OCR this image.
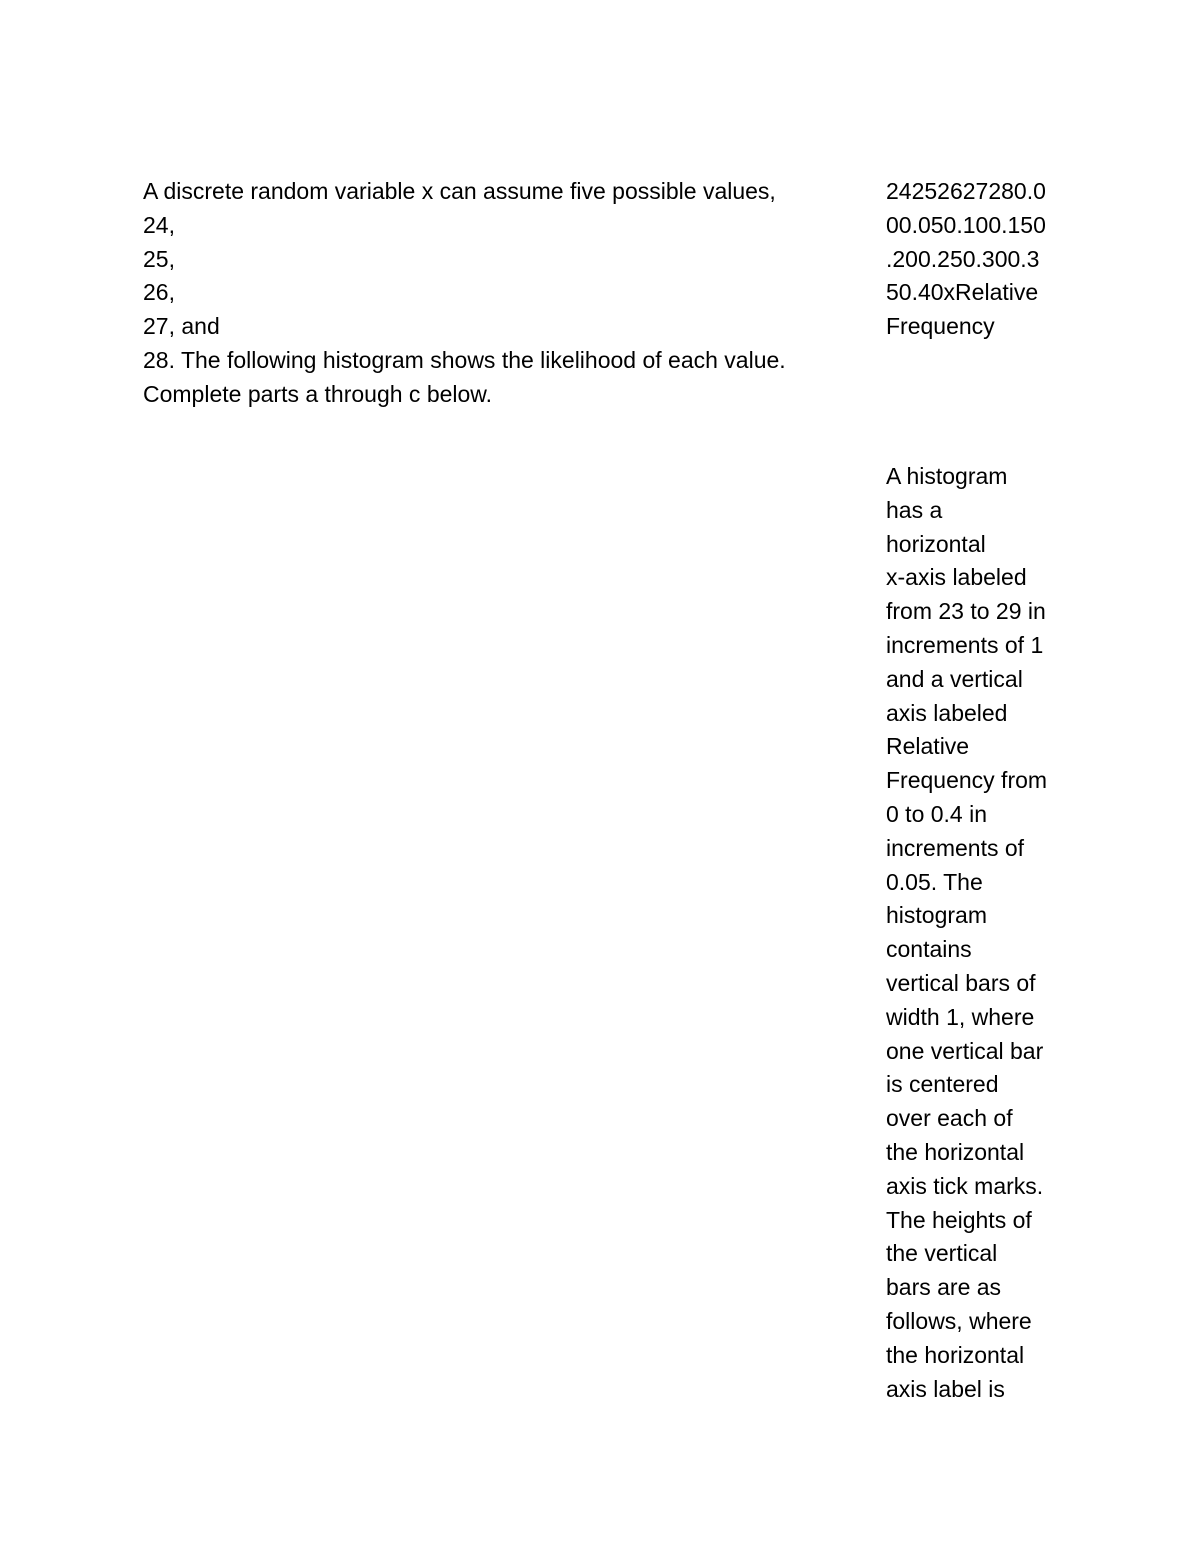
A discrete random variable x can assume five possible values,
24,
25,
26,
27, and
28. The following histogram shows the likelihood of each value.
Complete parts a through c below.
24252627280.0
00.050.100.150
.200.250.300.3
50.40xRelative
Frequency
A histogram
has a
horizontal
x-axis labeled
from 23 to 29 in
increments of 1
and a vertical
axis labeled
Relative
Frequency from
0 to 0.4 in
increments of
0.05. The
histogram
contains
vertical bars of
width 1, where
one vertical bar
is centered
over each of
the horizontal
axis tick marks.
The heights of
the vertical
bars are as
follows, where
the horizontal
axis label is
